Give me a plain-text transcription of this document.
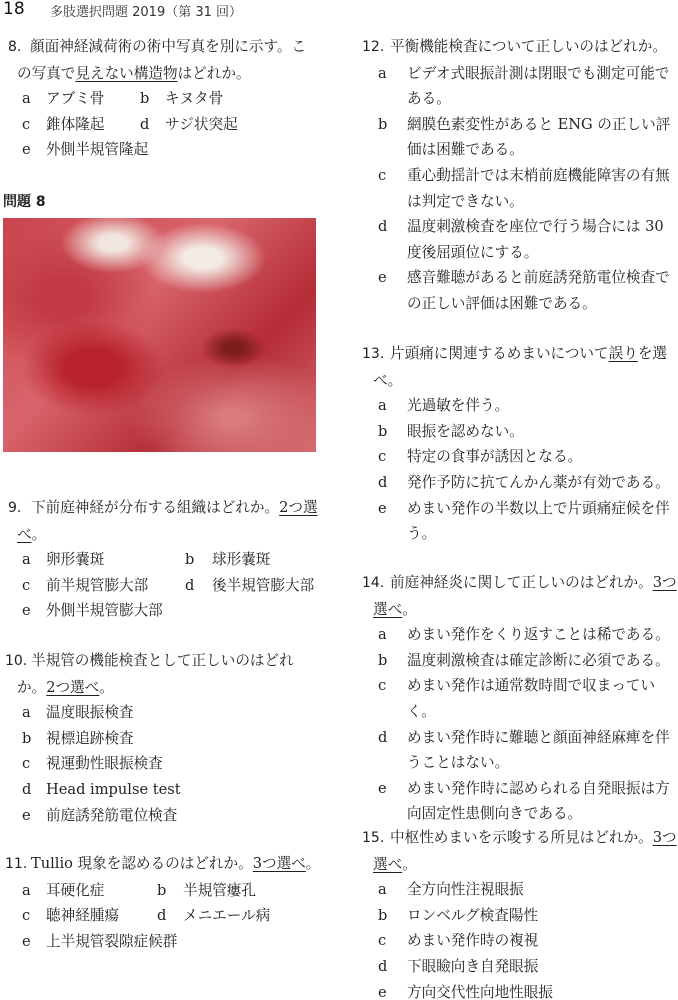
18 多肢選択問題 2019（第 31 回）
8. 顔面神経減荷術の術中写真を別に示す。この写真で見えない構造物はどれか。
a アブミ骨 b キヌタ骨
c 錐体隆起 d サジ状突起
e 外側半規管隆起
問題 8
9. 下前庭神経が分布する組織はどれか。2つ選べ。
a 卵形嚢斑	b 球形嚢斑
c 前半規管膨大部	d 後半規管膨大部
e 外側半規管膨大部
10. 半規管の機能検査として正しいのはどれか。2つ選べ。
a 温度眼振検査
b 視標追跡検査
c 視運動性眼振検査
d Head impulse test
e 前庭誘発筋電位検査
11. Tullio 現象を認めるのはどれか。3つ選べ。
a 耳硬化症	b 半規管瘻孔
c 聴神経腫瘍	d メニエール病
e 上半規管裂隙症候群
12. 平衡機能検査について正しいのはどれか。
a ビデオ式眼振計測は閉眼でも測定可能である。
b 網膜色素変性があると ENG の正しい評価は困難である。
c 重心動揺計では末梢前庭機能障害の有無は判定できない。
d 温度刺激検査を座位で行う場合には 30 度後屈頭位にする。
e 感音難聴があると前庭誘発筋電位検査での正しい評価は困難である。
13. 片頭痛に関連するめまいについて誤りを選べ。
a 光過敏を伴う。
b 眼振を認めない。
c 特定の食事が誘因となる。
d 発作予防に抗てんかん薬が有効である。
e めまい発作の半数以上で片頭痛症候を伴う。
14. 前庭神経炎に関して正しいのはどれか。3つ選べ。
a めまい発作をくり返すことは稀である。
b 温度刺激検査は確定診断に必須である。
c めまい発作は通常数時間で収まっていく。
d めまい発作時に難聴と顔面神経麻痺を伴うことはない。
e めまい発作時に認められる自発眼振は方向固定性患側向きである。
15. 中枢性めまいを示唆する所見はどれか。3つ選べ。
a 全方向性注視眼振
b ロンベルグ検査陽性
c めまい発作時の複視
d 下眼瞼向き自発眼振
e 方向交代性向地性眼振
